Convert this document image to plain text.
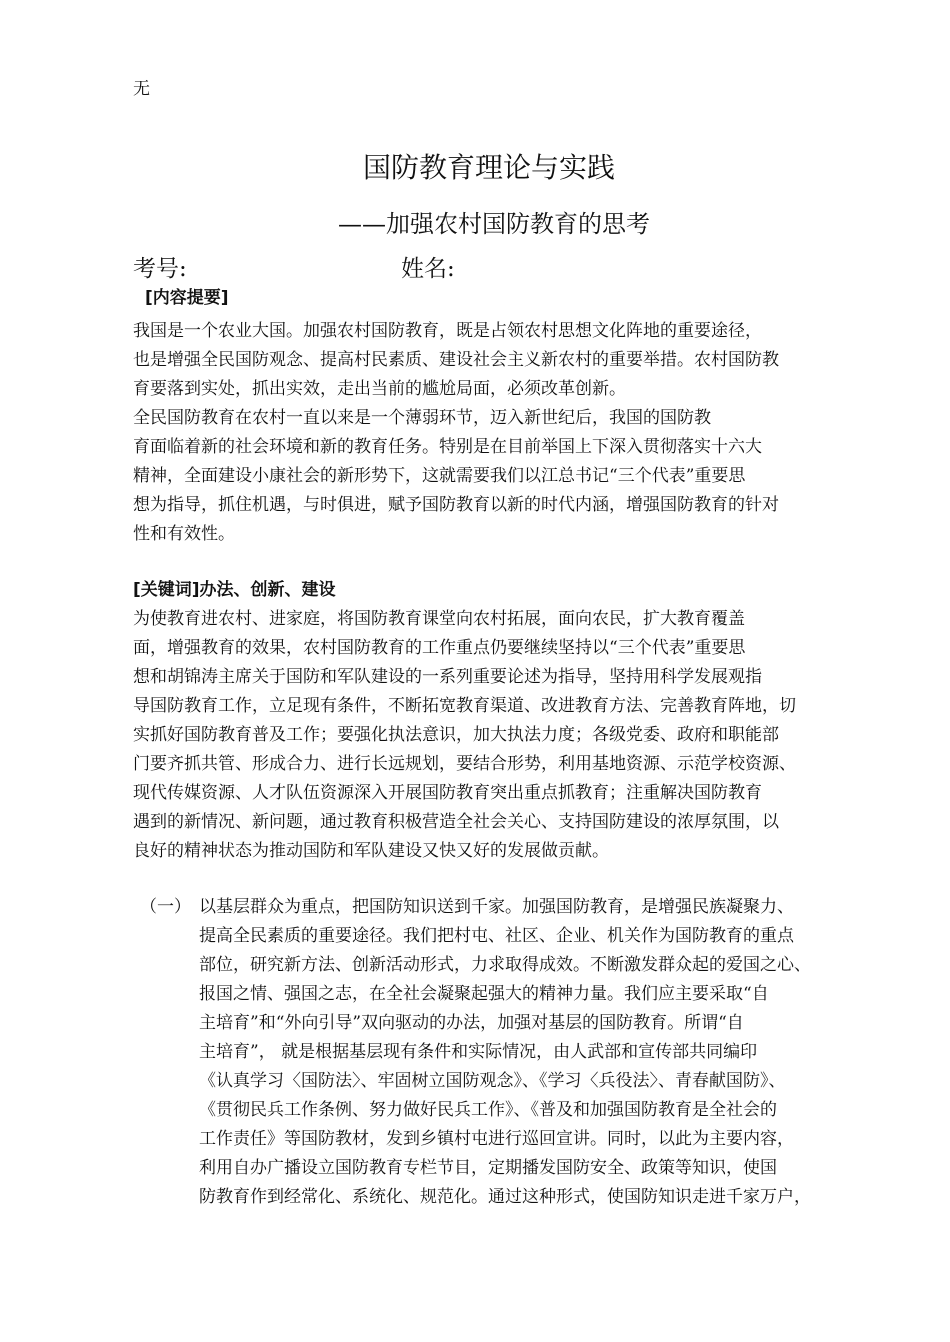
无
国防教育理论与实践
——加强农村国防教育的思考
考号:	姓名:
[内容提要]
我国是一个农业大国。加强农村国防教育，既是占领农村思想文化阵地的重要途径，
也是增强全民国防观念、提高村民素质、建设社会主义新农村的重要举措。农村国防教
育要落到实处，抓出实效，走出当前的尴尬局面，必须改革创新。
全民国防教育在农村一直以来是一个薄弱环节，迈入新世纪后，我国的国防教
育面临着新的社会环境和新的教育任务。特别是在目前举国上下深入贯彻落实十六大
精神，全面建设小康社会的新形势下，这就需要我们以江总书记“三个代表”重要思
想为指导，抓住机遇，与时俱进，赋予国防教育以新的时代内涵，增强国防教育的针对
性和有效性。
[关键词]办法、创新、建设
为使教育进农村、进家庭，将国防教育课堂向农村拓展，面向农民，扩大教育覆盖
面，增强教育的效果，农村国防教育的工作重点仍要继续坚持以“三个代表”重要思
想和胡锦涛主席关于国防和军队建设的一系列重要论述为指导，坚持用科学发展观指
导国防教育工作，立足现有条件，不断拓宽教育渠道、改进教育方法、完善教育阵地，切
实抓好国防教育普及工作；要强化执法意识，加大执法力度；各级党委、政府和职能部
门要齐抓共管、形成合力、进行长远规划，要结合形势，利用基地资源、示范学校资源、
现代传媒资源、人才队伍资源深入开展国防教育突出重点抓教育；注重解决国防教育
遇到的新情况、新问题，通过教育积极营造全社会关心、支持国防建设的浓厚氛围，以
良好的精神状态为推动国防和军队建设又快又好的发展做贡献。
（一） 以基层群众为重点，把国防知识送到千家。加强国防教育，是增强民族凝聚力、
提高全民素质的重要途径。我们把村屯、社区、企业、机关作为国防教育的重点
部位，研究新方法、创新活动形式，力求取得成效。不断激发群众起的爱国之心、
报国之情、强国之志，在全社会凝聚起强大的精神力量。我们应主要采取“自
主培育”和“外向引导”双向驱动的办法，加强对基层的国防教育。所谓“自
主培育”， 就是根据基层现有条件和实际情况，由人武部和宣传部共同编印
《认真学习〈国防法〉、牢固树立国防观念》、《学习〈兵役法〉、青春献国防》、
《贯彻民兵工作条例、努力做好民兵工作》、《普及和加强国防教育是全社会的
工作责任》等国防教材，发到乡镇村屯进行巡回宣讲。同时，以此为主要内容，
利用自办广播设立国防教育专栏节目，定期播发国防安全、政策等知识，使国
防教育作到经常化、系统化、规范化。通过这种形式，使国防知识走进千家万户，
